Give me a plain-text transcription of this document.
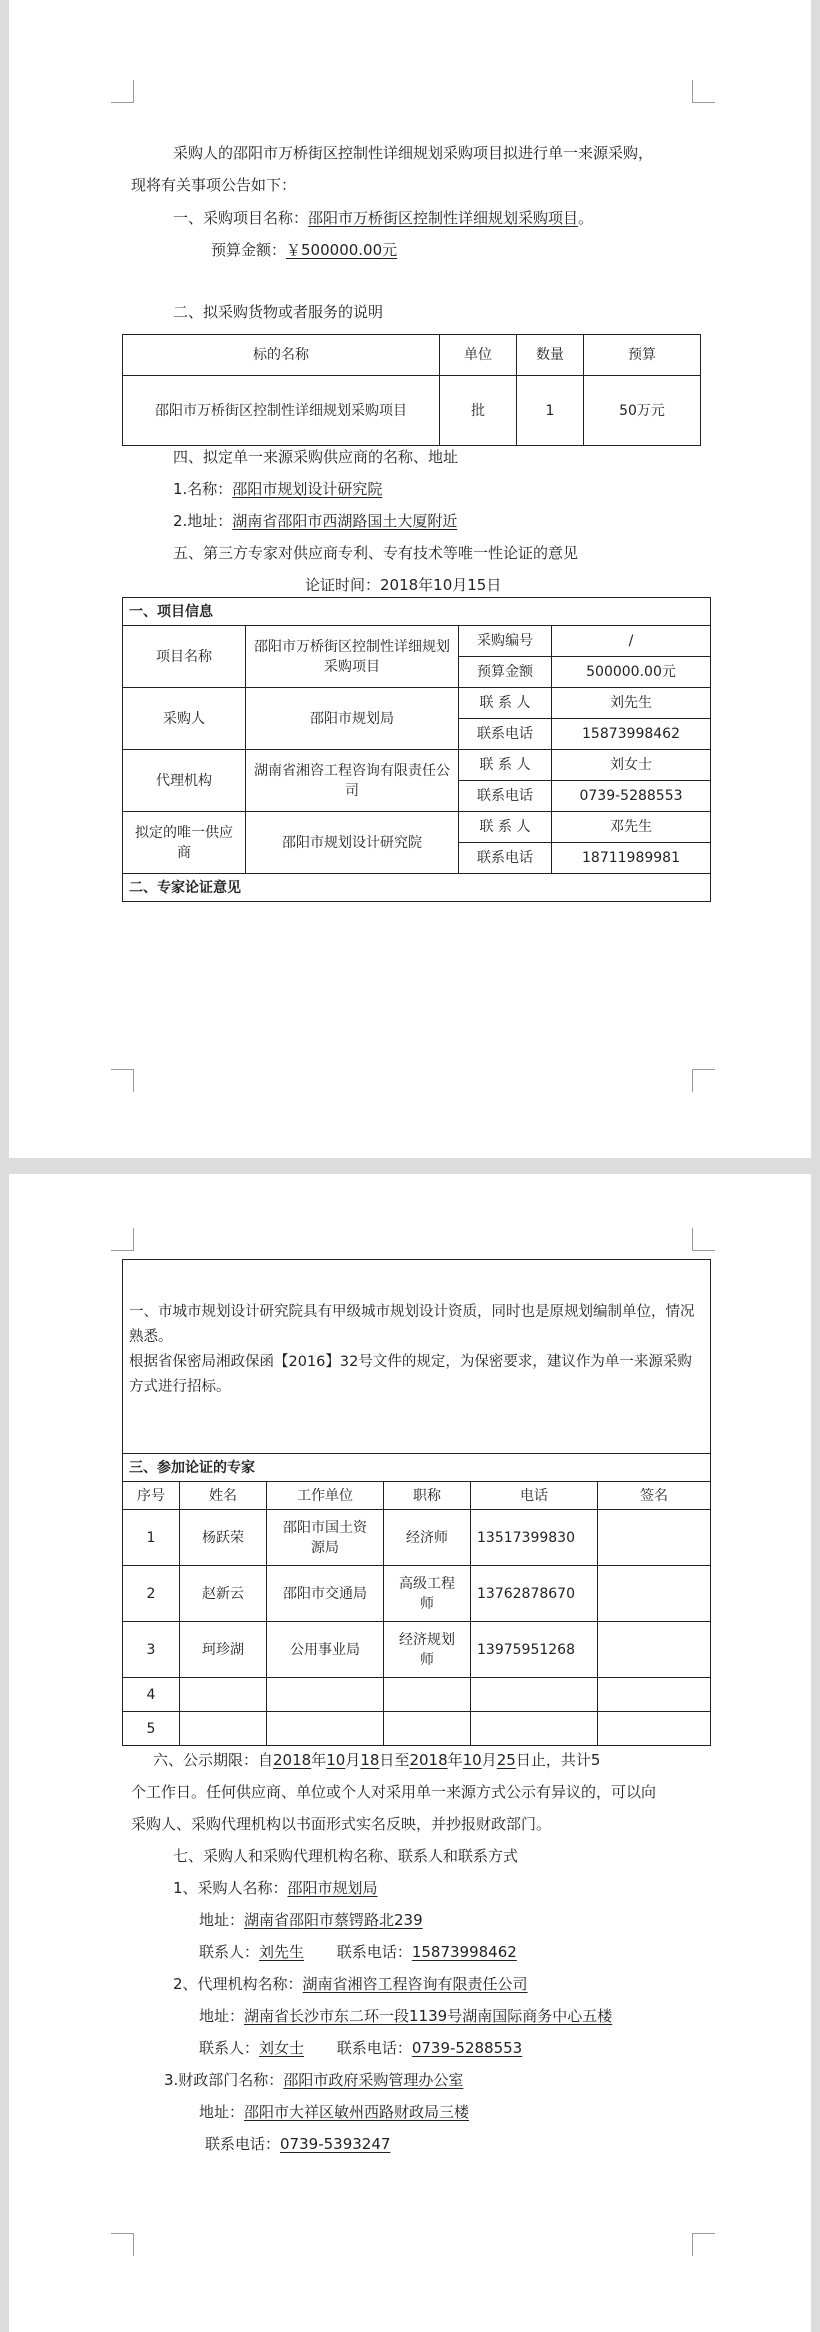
采购人的邵阳市万桥街区控制性详细规划采购项目拟进行单一来源采购，
现将有关事项公告如下：
一、采购项目名称：邵阳市万桥街区控制性详细规划采购项目。
预算金额：￥500000.00元
二、拟采购货物或者服务的说明
标的名称	单位	数量	预算
邵阳市万桥街区控制性详细规划采购项目	批	1	50万元
四、拟定单一来源采购供应商的名称、地址
1.名称：邵阳市规划设计研究院
2.地址：湖南省邵阳市西湖路国土大厦附近
五、第三方专家对供应商专利、专有技术等唯一性论证的意见
论证时间：2018年10月15日
一、项目信息			
项目名称	邵阳市万桥街区控制性详细规划采购项目	采购编号	/
		预算金额	500000.00元
采购人	邵阳市规划局	联 系 人	刘先生
		联系电话	15873998462
代理机构	湖南省湘咨工程咨询有限责任公司	联 系 人	刘女士
		联系电话	0739-5288553
拟定的唯一供应商	邵阳市规划设计研究院	联 系 人	邓先生
		联系电话	18711989981
二、专家论证意见			
一、市城市规划设计研究院具有甲级城市规划设计资质，同时也是原规划编制单位，情况熟悉。
根据省保密局湘政保函【2016】32号文件的规定，为保密要求，建议作为单一来源采购方式进行招标。
三、参加论证的专家					
序号	姓名	工作单位	职称	电话	签名
1	杨跃荣	邵阳市国土资源局	经济师	13517399830	
2	赵新云	邵阳市交通局	高级工程师	13762878670	
3	珂珍湖	公用事业局	经济规划师	13975951268	
4					
5					
六、公示期限：自2018年10月18日至2018年10月25日止，共计5
个工作日。任何供应商、单位或个人对采用单一来源方式公示有异议的，可以向
采购人、采购代理机构以书面形式实名反映，并抄报财政部门。
七、采购人和采购代理机构名称、联系人和联系方式
1、采购人名称：邵阳市规划局
地址：湖南省邵阳市蔡锷路北239
联系人：刘先生 联系电话：15873998462
2、代理机构名称：湖南省湘咨工程咨询有限责任公司
地址：湖南省长沙市东二环一段1139号湖南国际商务中心五楼
联系人：刘女士 联系电话：0739-5288553
3.财政部门名称：邵阳市政府采购管理办公室
地址：邵阳市大祥区敏州西路财政局三楼
联系电话：0739-5393247
